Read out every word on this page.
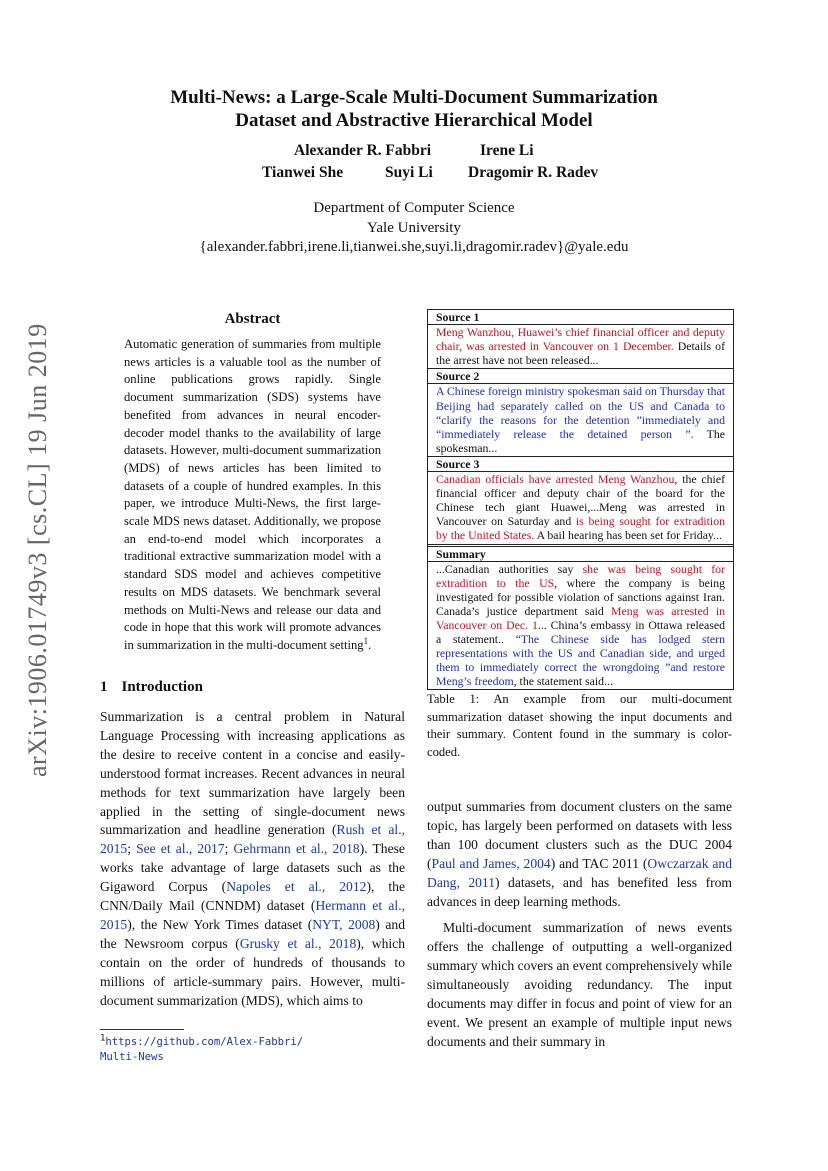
arXiv:1906.01749v3 [cs.CL] 19 Jun 2019
Multi-News: a Large-Scale Multi-Document Summarization
Dataset and Abstractive Hierarchical Model
Alexander R. Fabbri	Irene Li
Tianwei She	Suyi Li Dragomir R. Radev
Department of Computer Science
Yale University
{alexander.fabbri,irene.li,tianwei.she,suyi.li,dragomir.radev}@yale.edu
Abstract
Automatic generation of summaries from multiple news articles is a valuable tool as the number of online publications grows rapidly. Single document summarization (SDS) systems have benefited from advances in neural encoder-decoder model thanks to the availability of large datasets. However, multi-document summarization (MDS) of news articles has been limited to datasets of a couple of hundred examples. In this paper, we introduce Multi-News, the first large-scale MDS news dataset. Additionally, we propose an end-to-end model which incorporates a traditional extractive summarization model with a standard SDS model and achieves competitive results on MDS datasets. We benchmark several methods on Multi-News and release our data and code in hope that this work will promote advances in summarization in the multi-document setting$^1$.
1 Introduction
Summarization is a central problem in Natural Language Processing with increasing applications as the desire to receive content in a concise and easily-understood format increases. Recent advances in neural methods for text summarization have largely been applied in the setting of single-document news summarization and headline generation (Rush et al., 2015; See et al., 2017; Gehrmann et al., 2018). These works take advantage of large datasets such as the Gigaword Corpus (Napoles et al., 2012), the CNN/Daily Mail (CNNDM) dataset (Hermann et al., 2015), the New York Times dataset (NYT, 2008) and the Newsroom corpus (Grusky et al., 2018), which contain on the order of hundreds of thousands to millions of article-summary pairs. However, multi-document summarization (MDS), which aims to
Source 1
Meng Wanzhou, Huawei’s chief financial officer and deputy chair, was arrested in Vancouver on 1 December. Details of the arrest have not been released...
Source 2
A Chinese foreign ministry spokesman said on Thursday that Beijing had separately called on the US and Canada to “clarify the reasons for the detention ”immediately and “immediately release the detained person ”. The spokesman...
Source 3
Canadian officials have arrested Meng Wanzhou, the chief financial officer and deputy chair of the board for the Chinese tech giant Huawei,...Meng was arrested in Vancouver on Saturday and is being sought for extradition by the United States. A bail hearing has been set for Friday...
Summary
...Canadian authorities say she was being sought for extradition to the US, where the company is being investigated for possible violation of sanctions against Iran. Canada’s justice department said Meng was arrested in Vancouver on Dec. 1... China’s embassy in Ottawa released a statement.. “The Chinese side has lodged stern representations with the US and Canadian side, and urged them to immediately correct the wrongdoing ”and restore Meng’s freedom, the statement said...
Table 1: An example from our multi-document summarization dataset showing the input documents and their summary. Content found in the summary is color-coded.

output summaries from document clusters on the same topic, has largely been performed on datasets with less than 100 document clusters such as the DUC 2004 (Paul and James, 2004) and TAC 2011 (Owczarzak and Dang, 2011) datasets, and has benefited less from advances in deep learning methods.

Multi-document summarization of news events offers the challenge of outputting a well-organized summary which covers an event comprehensively while simultaneously avoiding redundancy. The input documents may differ in focus and point of view for an event. We present an example of multiple input news documents and their summary in

$^1$https://github.com/Alex-Fabbri/
Multi-News
